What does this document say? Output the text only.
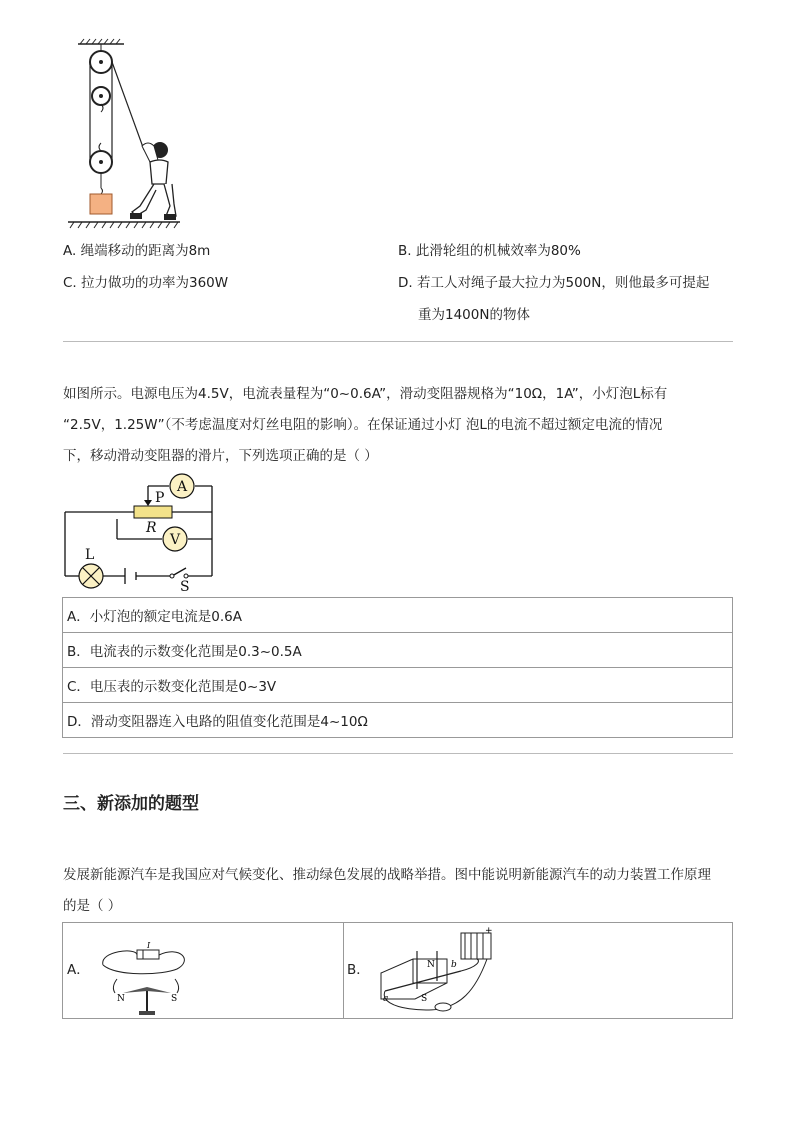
A. 绳端移动的距离为8m	B. 此滑轮组的机械效率为80%
C. 拉力做功的功率为360W	D. 若工人对绳子最大拉力为500N，则他最多可提起
重为1400N的物体
如图所示。电源电压为4.5V，电流表量程为“0~0.6A”，滑动变阻器规格为“10Ω，1A”，小灯泡L标有
“2.5V，1.25W”（不考虑温度对灯丝电阻的影响）。在保证通过小灯 泡L的电流不超过额定电流的情况
下，移动滑动变阻器的滑片，下列选项正确的是（ ）
A
P
R
V
L
S
A．小灯泡的额定电流是0.6A
B．电流表的示数变化范围是0.3~0.5A
C．电压表的示数变化范围是0~3V
D．滑动变阻器连入电路的阻值变化范围是4~10Ω
三、新添加的题型
发展新能源汽车是我国应对气候变化、推动绿色发展的战略举措。图中能说明新能源汽车的动力装置工作原理
的是（ ）
A．	B．
I
N	S
+
N
S
a
b
